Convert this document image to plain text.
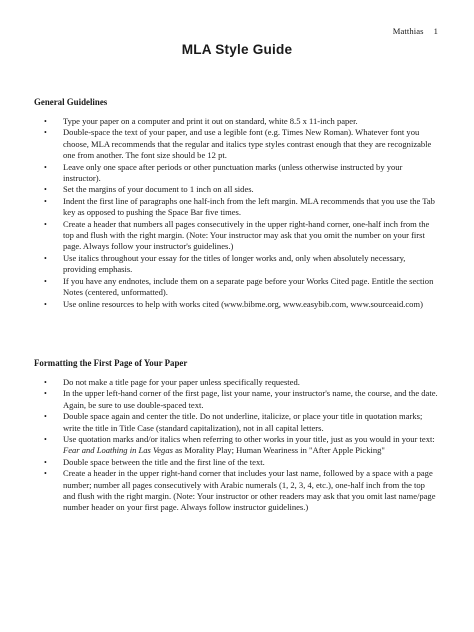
Matthias 1
MLA Style Guide
General Guidelines
• Type your paper on a computer and print it out on standard, white 8.5 x 11-inch paper.
• Double-space the text of your paper, and use a legible font (e.g. Times New Roman). Whatever font you choose, MLA recommends that the regular and italics type styles contrast enough that they are recognizable one from another. The font size should be 12 pt.
• Leave only one space after periods or other punctuation marks (unless otherwise instructed by your instructor).
• Set the margins of your document to 1 inch on all sides.
• Indent the first line of paragraphs one half-inch from the left margin. MLA recommends that you use the Tab key as opposed to pushing the Space Bar five times.
• Create a header that numbers all pages consecutively in the upper right-hand corner, one-half inch from the top and flush with the right margin. (Note: Your instructor may ask that you omit the number on your first page. Always follow your instructor's guidelines.)
• Use italics throughout your essay for the titles of longer works and, only when absolutely necessary, providing emphasis.
• If you have any endnotes, include them on a separate page before your Works Cited page. Entitle the section Notes (centered, unformatted).
• Use online resources to help with works cited (www.bibme.org, www.easybib.com, www.sourceaid.com)
Formatting the First Page of Your Paper
• Do not make a title page for your paper unless specifically requested.
• In the upper left-hand corner of the first page, list your name, your instructor's name, the course, and the date. Again, be sure to use double-spaced text.
• Double space again and center the title. Do not underline, italicize, or place your title in quotation marks; write the title in Title Case (standard capitalization), not in all capital letters.
• Use quotation marks and/or italics when referring to other works in your title, just as you would in your text: Fear and Loathing in Las Vegas as Morality Play; Human Weariness in "After Apple Picking"
• Double space between the title and the first line of the text.
• Create a header in the upper right-hand corner that includes your last name, followed by a space with a page number; number all pages consecutively with Arabic numerals (1, 2, 3, 4, etc.), one-half inch from the top and flush with the right margin. (Note: Your instructor or other readers may ask that you omit last name/page number header on your first page. Always follow instructor guidelines.)
